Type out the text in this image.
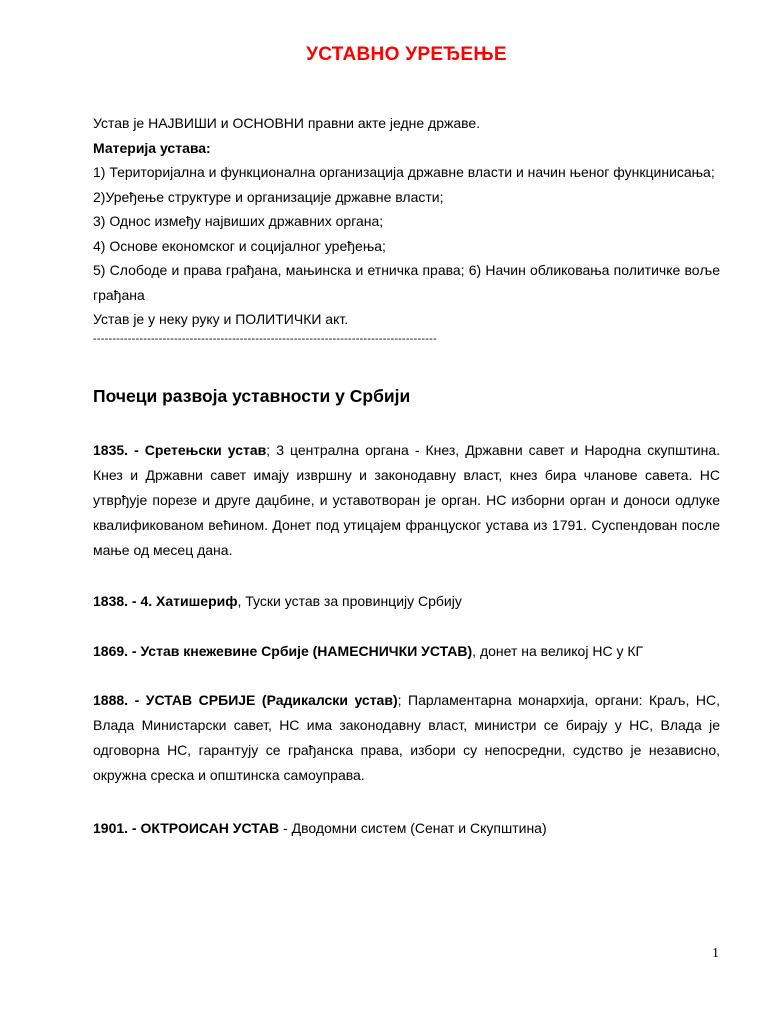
УСТАВНО УРЕЂЕЊЕ

Устав је НАЈВИШИ и ОСНОВНИ правни акте једне државе.

Материја устава:

1) Територијална и функционална организација државне власти и начин њеног функцинисања;

2)Уређење структуре и организације државне власти;

3) Однос између највиших државних органа;

4) Основе економског и социјалног уређења;

5) Слободе и права грађана, мањинска и етничка права; 6) Начин обликовања политичке воље грађана

Устав је у неку руку и ПОЛИТИЧКИ акт.

-----------------------------------------------------------------------------------------

Почеци развоја уставности у Србији

1835. - Сретењски устав; 3 централна органа - Кнез, Државни савет и Народна скупштина. Кнез и Државни савет имају извршну и законодавну власт, кнез бира чланове савета. НС утврђује порезе и друге даџбине, и уставотворан је орган. НС изборни орган и доноси одлуке квалификованом већином. Донет под утицајем француског устава из 1791. Суспендован после мање од месец дана.

1838. - 4. Хатишериф, Туски устав за провинцију Србију

1869. - Устав кнежевине Србије (НАМЕСНИЧКИ УСТАВ), донет на великој НС у КГ

1888. - УСТАВ СРБИЈЕ (Радикалски устав); Парламентарна монархија, органи: Краљ, НС, Влада Министарски савет, НС има законодавну власт, министри се бирају у НС, Влада је одговорна НС, гарантују се грађанска права, избори су непосредни, судство је независно, окружна среска и општинска самоуправа.

1901. - ОКТРОИСАН УСТАВ - Дводомни систем (Сенат и Скупштина)

1
